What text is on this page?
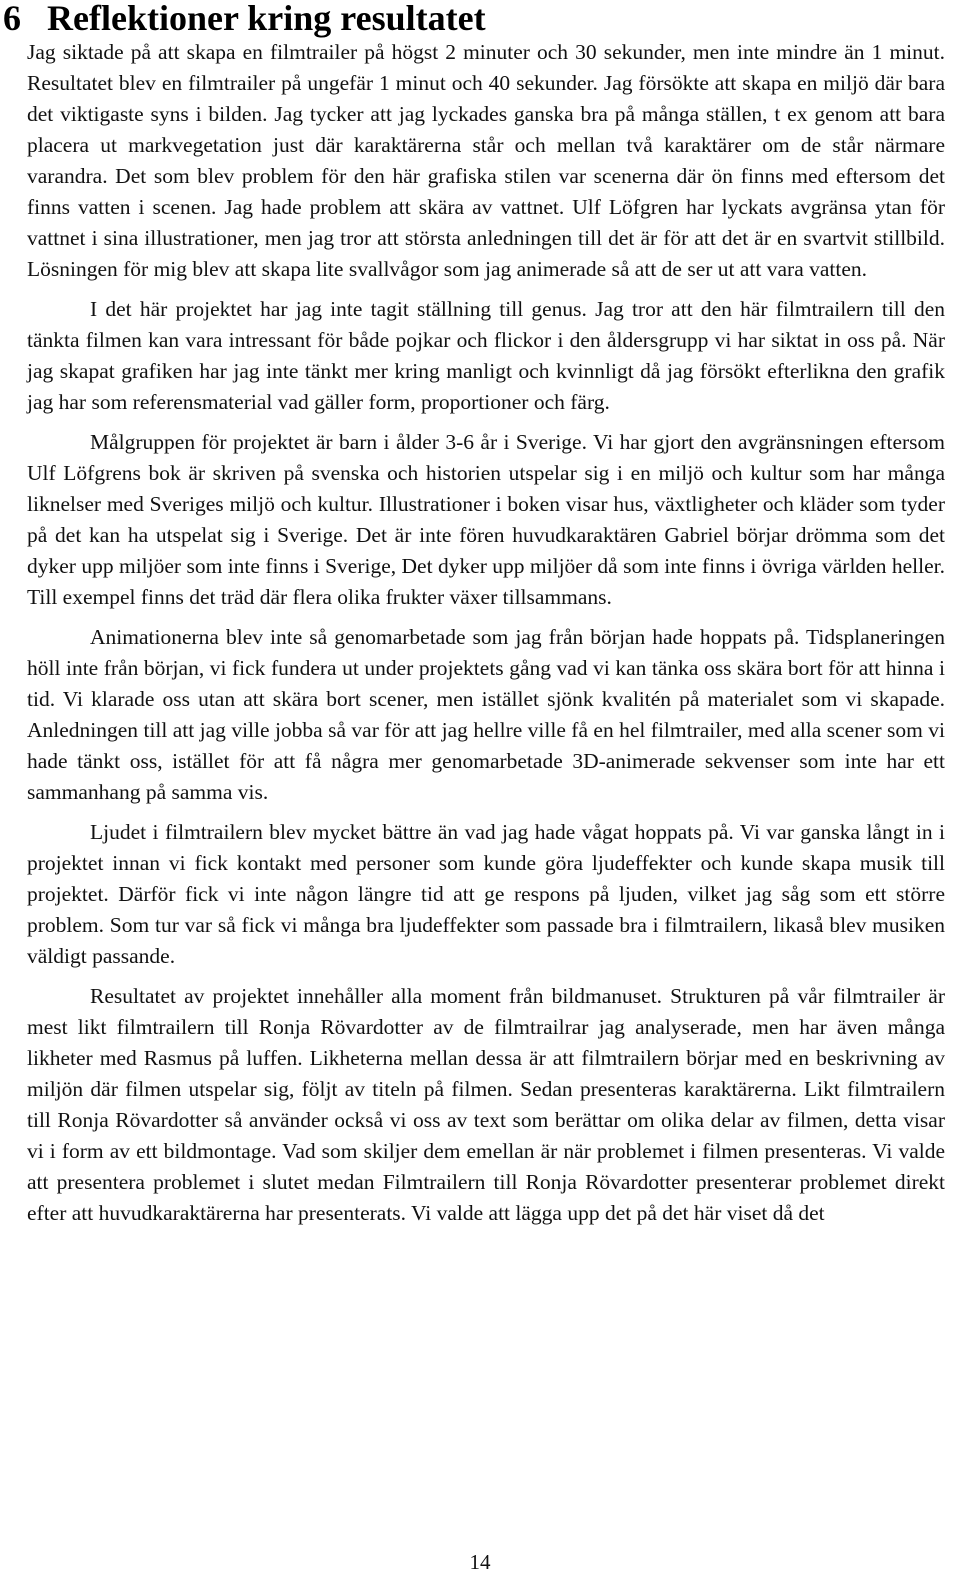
6 Reflektioner kring resultatet

Jag siktade på att skapa en filmtrailer på högst 2 minuter och 30 sekunder, men inte mindre än 1 minut. Resultatet blev en filmtrailer på ungefär 1 minut och 40 sekunder. Jag försökte att skapa en miljö där bara det viktigaste syns i bilden. Jag tycker att jag lyckades ganska bra på många ställen, t ex genom att bara placera ut markvegetation just där karaktärerna står och mellan två karaktärer om de står närmare varandra. Det som blev problem för den här grafiska stilen var scenerna där ön finns med eftersom det finns vatten i scenen. Jag hade problem att skära av vattnet. Ulf Löfgren har lyckats avgränsa ytan för vattnet i sina illustrationer, men jag tror att största anledningen till det är för att det är en svartvit stillbild. Lösningen för mig blev att skapa lite svallvågor som jag animerade så att de ser ut att vara vatten.

I det här projektet har jag inte tagit ställning till genus. Jag tror att den här filmtrailern till den tänkta filmen kan vara intressant för både pojkar och flickor i den åldersgrupp vi har siktat in oss på. När jag skapat grafiken har jag inte tänkt mer kring manligt och kvinnligt då jag försökt efterlikna den grafik jag har som referensmaterial vad gäller form, proportioner och färg.

Målgruppen för projektet är barn i ålder 3-6 år i Sverige. Vi har gjort den avgränsningen eftersom Ulf Löfgrens bok är skriven på svenska och historien utspelar sig i en miljö och kultur som har många liknelser med Sveriges miljö och kultur. Illustrationer i boken visar hus, växtligheter och kläder som tyder på det kan ha utspelat sig i Sverige. Det är inte fören huvudkaraktären Gabriel börjar drömma som det dyker upp miljöer som inte finns i Sverige, Det dyker upp miljöer då som inte finns i övriga världen heller. Till exempel finns det träd där flera olika frukter växer tillsammans.

Animationerna blev inte så genomarbetade som jag från början hade hoppats på. Tidsplaneringen höll inte från början, vi fick fundera ut under projektets gång vad vi kan tänka oss skära bort för att hinna i tid. Vi klarade oss utan att skära bort scener, men istället sjönk kvalitén på materialet som vi skapade. Anledningen till att jag ville jobba så var för att jag hellre ville få en hel filmtrailer, med alla scener som vi hade tänkt oss, istället för att få några mer genomarbetade 3D-animerade sekvenser som inte har ett sammanhang på samma vis.

Ljudet i filmtrailern blev mycket bättre än vad jag hade vågat hoppats på. Vi var ganska långt in i projektet innan vi fick kontakt med personer som kunde göra ljudeffekter och kunde skapa musik till projektet. Därför fick vi inte någon längre tid att ge respons på ljuden, vilket jag såg som ett större problem. Som tur var så fick vi många bra ljudeffekter som passade bra i filmtrailern, likaså blev musiken väldigt passande.

Resultatet av projektet innehåller alla moment från bildmanuset. Strukturen på vår filmtrailer är mest likt filmtrailern till Ronja Rövardotter av de filmtrailrar jag analyserade, men har även många likheter med Rasmus på luffen. Likheterna mellan dessa är att filmtrailern börjar med en beskrivning av miljön där filmen utspelar sig, följt av titeln på filmen. Sedan presenteras karaktärerna. Likt filmtrailern till Ronja Rövardotter så använder också vi oss av text som berättar om olika delar av filmen, detta visar vi i form av ett bildmontage. Vad som skiljer dem emellan är när problemet i filmen presenteras. Vi valde att presentera problemet i slutet medan Filmtrailern till Ronja Rövardotter presenterar problemet direkt efter att huvudkaraktärerna har presenterats. Vi valde att lägga upp det på det här viset då det

14
